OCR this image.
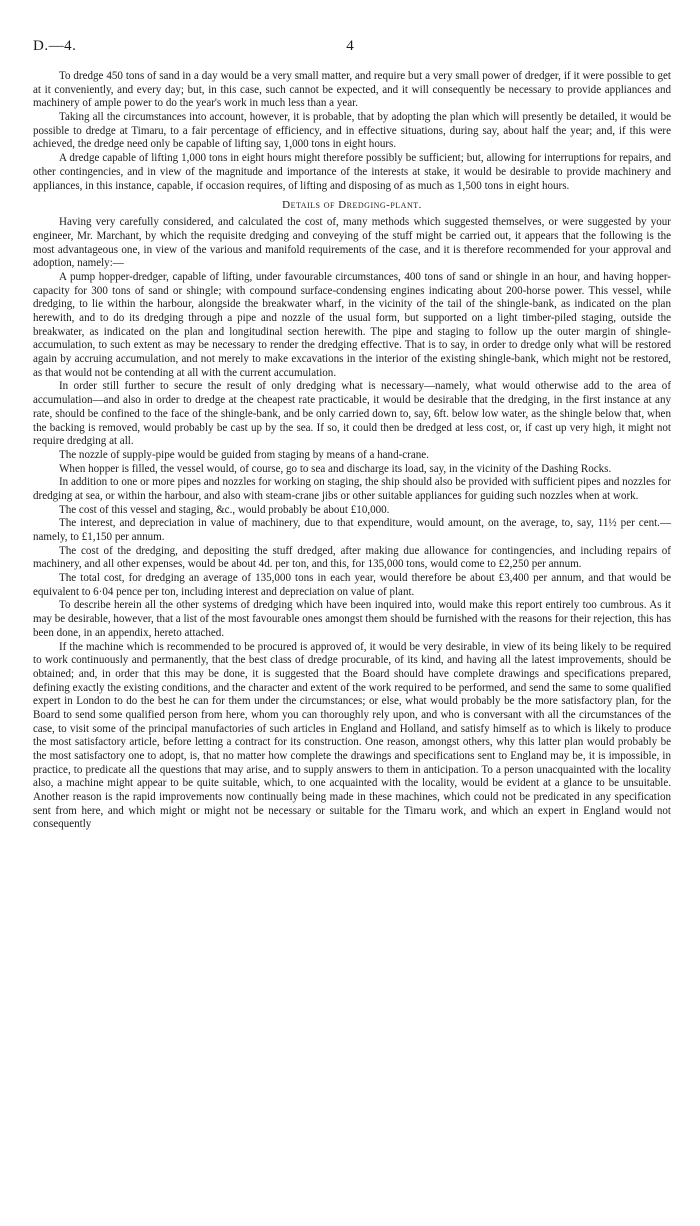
D.—4.	4

To dredge 450 tons of sand in a day would be a very small matter, and require but a very small power of dredger, if it were possible to get at it conveniently, and every day; but, in this case, such cannot be expected, and it will consequently be necessary to provide appliances and machinery of ample power to do the year's work in much less than a year.

Taking all the circumstances into account, however, it is probable, that by adopting the plan which will presently be detailed, it would be possible to dredge at Timaru, to a fair percentage of efficiency, and in effective situations, during say, about half the year; and, if this were achieved, the dredge need only be capable of lifting say, 1,000 tons in eight hours.

A dredge capable of lifting 1,000 tons in eight hours might therefore possibly be sufficient; but, allowing for interruptions for repairs, and other contingencies, and in view of the magnitude and importance of the interests at stake, it would be desirable to provide machinery and appliances, in this instance, capable, if occasion requires, of lifting and disposing of as much as 1,500 tons in eight hours.

Details of Dredging-plant.

Having very carefully considered, and calculated the cost of, many methods which suggested themselves, or were suggested by your engineer, Mr. Marchant, by which the requisite dredging and conveying of the stuff might be carried out, it appears that the following is the most advantageous one, in view of the various and manifold requirements of the case, and it is therefore recommended for your approval and adoption, namely:—

A pump hopper-dredger, capable of lifting, under favourable circumstances, 400 tons of sand or shingle in an hour, and having hopper-capacity for 300 tons of sand or shingle; with compound surface-condensing engines indicating about 200-horse power. This vessel, while dredging, to lie within the harbour, alongside the breakwater wharf, in the vicinity of the tail of the shingle-bank, as indicated on the plan herewith, and to do its dredging through a pipe and nozzle of the usual form, but supported on a light timber-piled staging, outside the breakwater, as indicated on the plan and longitudinal section herewith. The pipe and staging to follow up the outer margin of shingle-accumulation, to such extent as may be necessary to render the dredging effective. That is to say, in order to dredge only what will be restored again by accruing accumulation, and not merely to make excavations in the interior of the existing shingle-bank, which might not be restored, as that would not be contending at all with the current accumulation.

In order still further to secure the result of only dredging what is necessary—namely, what would otherwise add to the area of accumulation—and also in order to dredge at the cheapest rate practicable, it would be desirable that the dredging, in the first instance at any rate, should be confined to the face of the shingle-bank, and be only carried down to, say, 6ft. below low water, as the shingle below that, when the backing is removed, would probably be cast up by the sea. If so, it could then be dredged at less cost, or, if cast up very high, it might not require dredging at all.

The nozzle of supply-pipe would be guided from staging by means of a hand-crane.

When hopper is filled, the vessel would, of course, go to sea and discharge its load, say, in the vicinity of the Dashing Rocks.

In addition to one or more pipes and nozzles for working on staging, the ship should also be provided with sufficient pipes and nozzles for dredging at sea, or within the harbour, and also with steam-crane jibs or other suitable appliances for guiding such nozzles when at work.

The cost of this vessel and staging, &c., would probably be about £10,000.

The interest, and depreciation in value of machinery, due to that expenditure, would amount, on the average, to, say, 11½ per cent.—namely, to £1,150 per annum.

The cost of the dredging, and depositing the stuff dredged, after making due allowance for contingencies, and including repairs of machinery, and all other expenses, would be about 4d. per ton, and this, for 135,000 tons, would come to £2,250 per annum.

The total cost, for dredging an average of 135,000 tons in each year, would therefore be about £3,400 per annum, and that would be equivalent to 6·04 pence per ton, including interest and depreciation on value of plant.

To describe herein all the other systems of dredging which have been inquired into, would make this report entirely too cumbrous. As it may be desirable, however, that a list of the most favourable ones amongst them should be furnished with the reasons for their rejection, this has been done, in an appendix, hereto attached.

If the machine which is recommended to be procured is approved of, it would be very desirable, in view of its being likely to be required to work continuously and permanently, that the best class of dredge procurable, of its kind, and having all the latest improvements, should be obtained; and, in order that this may be done, it is suggested that the Board should have complete drawings and specifications prepared, defining exactly the existing conditions, and the character and extent of the work required to be performed, and send the same to some qualified expert in London to do the best he can for them under the circumstances; or else, what would probably be the more satisfactory plan, for the Board to send some qualified person from here, whom you can thoroughly rely upon, and who is conversant with all the circumstances of the case, to visit some of the principal manufactories of such articles in England and Holland, and satisfy himself as to which is likely to produce the most satisfactory article, before letting a contract for its construction. One reason, amongst others, why this latter plan would probably be the most satisfactory one to adopt, is, that no matter how complete the drawings and specifications sent to England may be, it is impossible, in practice, to predicate all the questions that may arise, and to supply answers to them in anticipation. To a person unacquainted with the locality also, a machine might appear to be quite suitable, which, to one acquainted with the locality, would be evident at a glance to be unsuitable. Another reason is the rapid improvements now continually being made in these machines, which could not be predicated in any specification sent from here, and which might or might not be necessary or suitable for the Timaru work, and which an expert in England would not consequently
